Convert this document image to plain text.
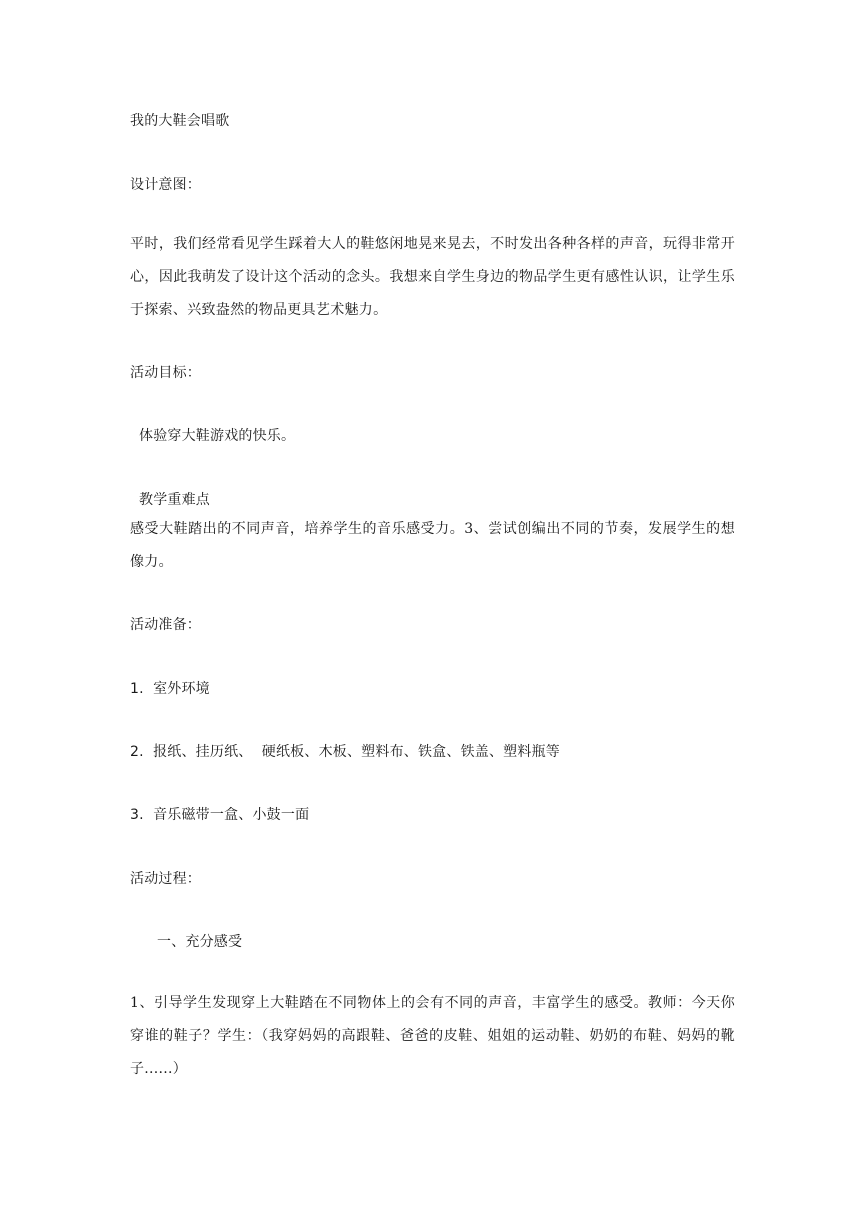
我的大鞋会唱歌
设计意图：
平时，我们经常看见学生踩着大人的鞋悠闲地晃来晃去，不时发出各种各样的声音，玩得非常开心，因此我萌发了设计这个活动的念头。我想来自学生身边的物品学生更有感性认识，让学生乐于探索、兴致盎然的物品更具艺术魅力。
活动目标：
体验穿大鞋游戏的快乐。
教学重难点
感受大鞋踏出的不同声音，培养学生的音乐感受力。3、尝试创编出不同的节奏，发展学生的想像力。
活动准备：
1. 室外环境
2. 报纸、挂历纸、  硬纸板、木板、塑料布、铁盒、铁盖、塑料瓶等
3. 音乐磁带一盒、小鼓一面
活动过程：
一、充分感受
1、引导学生发现穿上大鞋踏在不同物体上的会有不同的声音，丰富学生的感受。教师：今天你穿谁的鞋子？学生：（我穿妈妈的高跟鞋、爸爸的皮鞋、姐姐的运动鞋、奶奶的布鞋、妈妈的靴子......）
